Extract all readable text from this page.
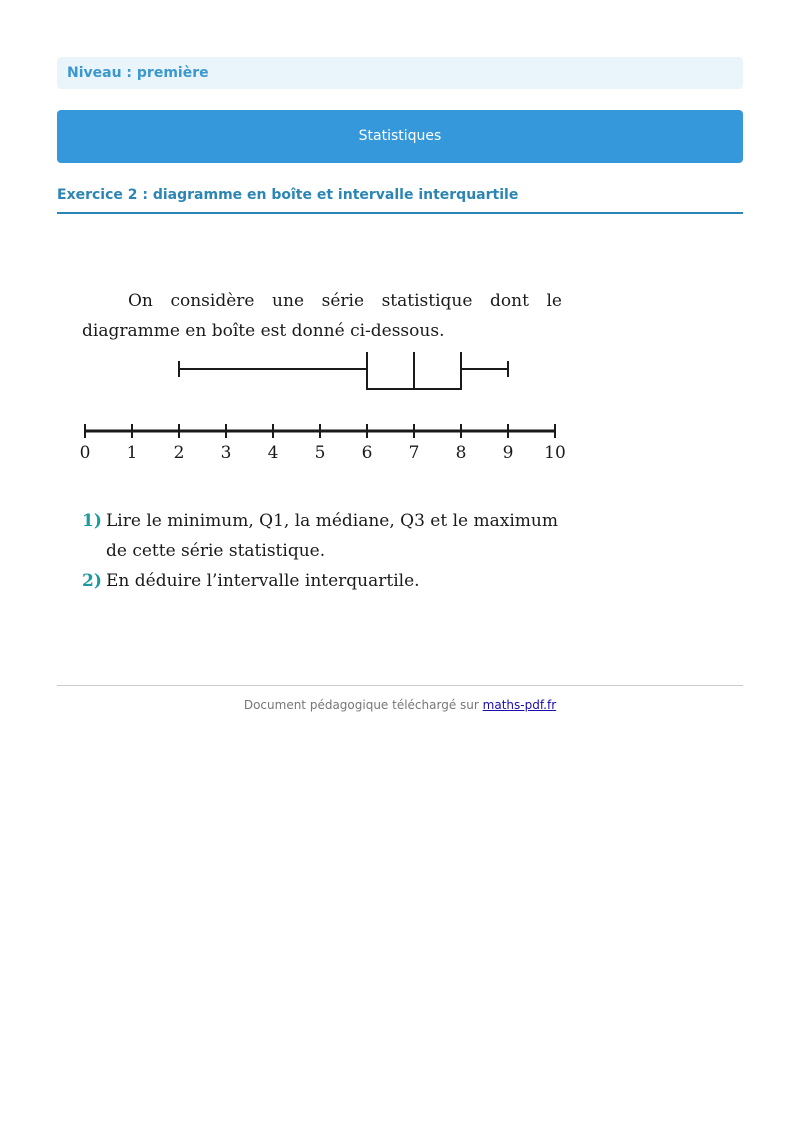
Niveau : première
Statistiques
Exercice 2 : diagramme en boîte et intervalle interquartile

On considère une série statistique dont le diagramme en boîte est donné ci-dessous.

0 1 2 3 4 5 6 7 8 9 10
1) Lire le minimum, Q1, la médiane, Q3 et le maximum de cette série statistique.
2) En déduire l’intervalle interquartile.
Document pédagogique téléchargé sur maths-pdf.fr
